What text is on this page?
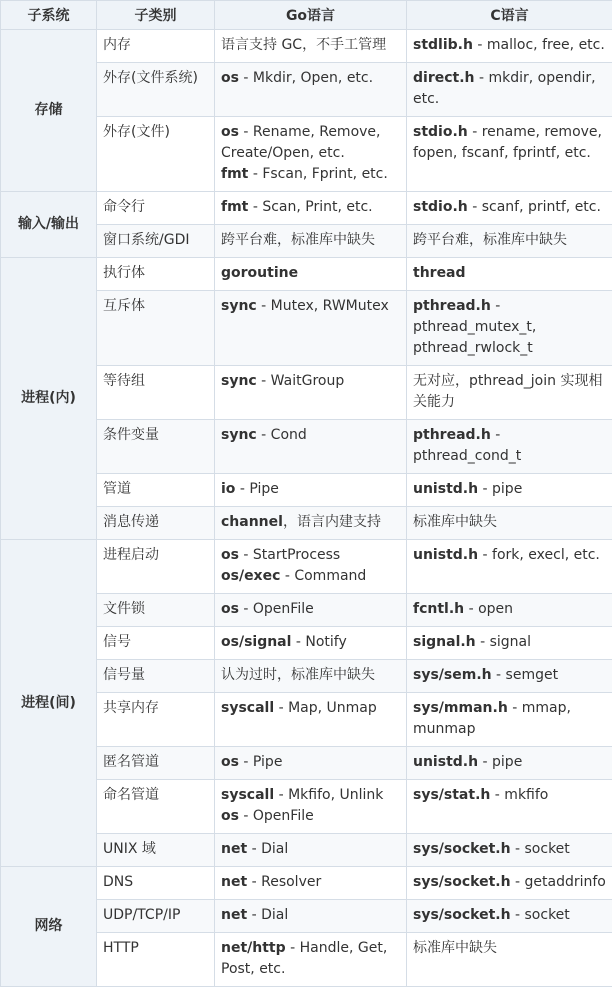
子系统	子类别	Go语言	C语言
存储	内存	语言支持 GC，不手工管理	stdlib.h - malloc, free, etc.

	外存(文件系统)	os - Mkdir, Open, etc.	direct.h - mkdir, opendir, etc.

	外存(文件)	os - Rename, Remove, Create/Open, etc.
fmt - Fscan, Fprint, etc.	stdio.h - rename, remove, fopen, fscanf, fprintf, etc.

输入/输出	命令行	fmt - Scan, Print, etc.	stdio.h - scanf, printf, etc.

	窗口系统/GDI	跨平台难，标准库中缺失	跨平台难，标准库中缺失

进程(内)	执行体	goroutine	thread

	互斥体	sync - Mutex, RWMutex	pthread.h - pthread_mutex_t, pthread_rwlock_t

	等待组	sync - WaitGroup	无对应，pthread_join 实现相关能力

	条件变量	sync - Cond	pthread.h - pthread_cond_t

	管道	io - Pipe	unistd.h - pipe

	消息传递	channel，语言内建支持	标准库中缺失

进程(间)	进程启动	os - StartProcess
os/exec - Command	unistd.h - fork, execl, etc.

	文件锁	os - OpenFile	fcntl.h - open

	信号	os/signal - Notify	signal.h - signal

	信号量	认为过时，标准库中缺失	sys/sem.h - semget

	共享内存	syscall - Map, Unmap	sys/mman.h - mmap, munmap

	匿名管道	os - Pipe	unistd.h - pipe

	命名管道	syscall - Mkfifo, Unlink
os - OpenFile	sys/stat.h - mkfifo

	UNIX 域	net - Dial	sys/socket.h - socket

网络	DNS	net - Resolver	sys/socket.h - getaddrinfo

	UDP/TCP/IP	net - Dial	sys/socket.h - socket

	HTTP	net/http - Handle, Get, Post, etc.	标准库中缺失
